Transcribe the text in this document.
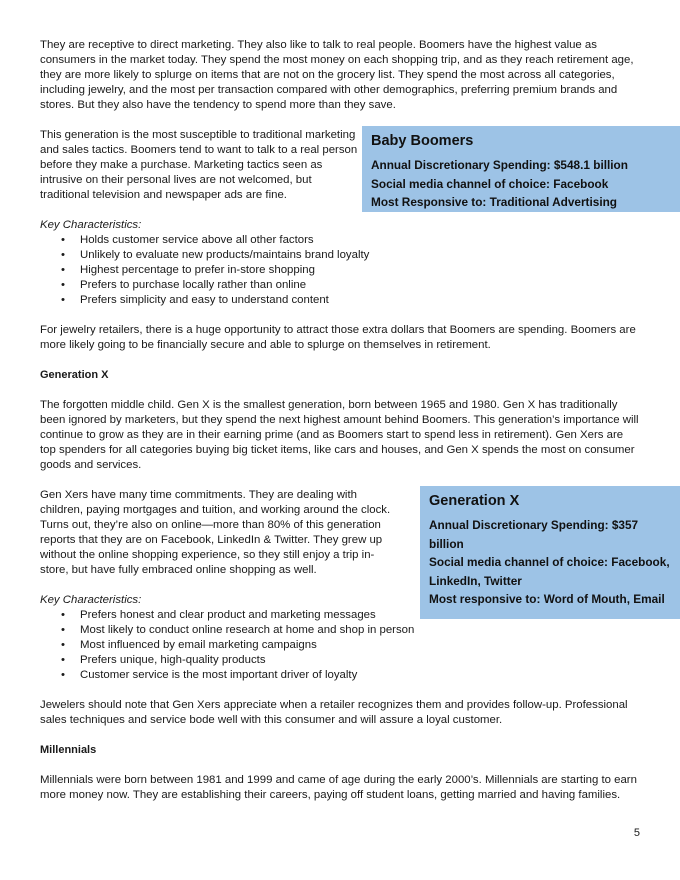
They are receptive to direct marketing. They also like to talk to real people. Boomers have the highest value as consumers in the market today. They spend the most money on each shopping trip, and as they reach retirement age, they are more likely to splurge on items that are not on the grocery list. They spend the most across all categories, including jewelry, and the most per transaction compared with other demographics, preferring premium brands and stores. But they also have the tendency to spend more than they save.

This generation is the most susceptible to traditional marketing and sales tactics. Boomers tend to want to talk to a real person before they make a purchase. Marketing tactics seen as intrusive on their personal lives are not welcomed, but traditional television and newspaper ads are fine.

Baby Boomers

Annual Discretionary Spending: $548.1 billion

Social media channel of choice: Facebook

Most Responsive to: Traditional Advertising

Key Characteristics:

• Holds customer service above all other factors
• Unlikely to evaluate new products/maintains brand loyalty
• Highest percentage to prefer in-store shopping
• Prefers to purchase locally rather than online
• Prefers simplicity and easy to understand content

For jewelry retailers, there is a huge opportunity to attract those extra dollars that Boomers are spending. Boomers are more likely going to be financially secure and able to splurge on themselves in retirement.

Generation X

The forgotten middle child. Gen X is the smallest generation, born between 1965 and 1980. Gen X has traditionally been ignored by marketers, but they spend the next highest amount behind Boomers. This generation’s importance will continue to grow as they are in their earning prime (and as Boomers start to spend less in retirement). Gen Xers are top spenders for all categories buying big ticket items, like cars and houses, and Gen X spends the most on consumer goods and services.

Gen Xers have many time commitments. They are dealing with children, paying mortgages and tuition, and working around the clock. Turns out, they’re also on online—more than 80% of this generation reports that they are on Facebook, LinkedIn & Twitter. They grew up without the online shopping experience, so they still enjoy a trip in-store, but have fully embraced online shopping as well.

Generation X

Annual Discretionary Spending: $357 billion

Social media channel of choice: Facebook, LinkedIn, Twitter

Most responsive to: Word of Mouth, Email

Key Characteristics:

• Prefers honest and clear product and marketing messages
• Most likely to conduct online research at home and shop in person
• Most influenced by email marketing campaigns
• Prefers unique, high-quality products
• Customer service is the most important driver of loyalty

Jewelers should note that Gen Xers appreciate when a retailer recognizes them and provides follow-up. Professional sales techniques and service bode well with this consumer and will assure a loyal customer.

Millennials

Millennials were born between 1981 and 1999 and came of age during the early 2000’s. Millennials are starting to earn more money now. They are establishing their careers, paying off student loans, getting married and having families.

5
